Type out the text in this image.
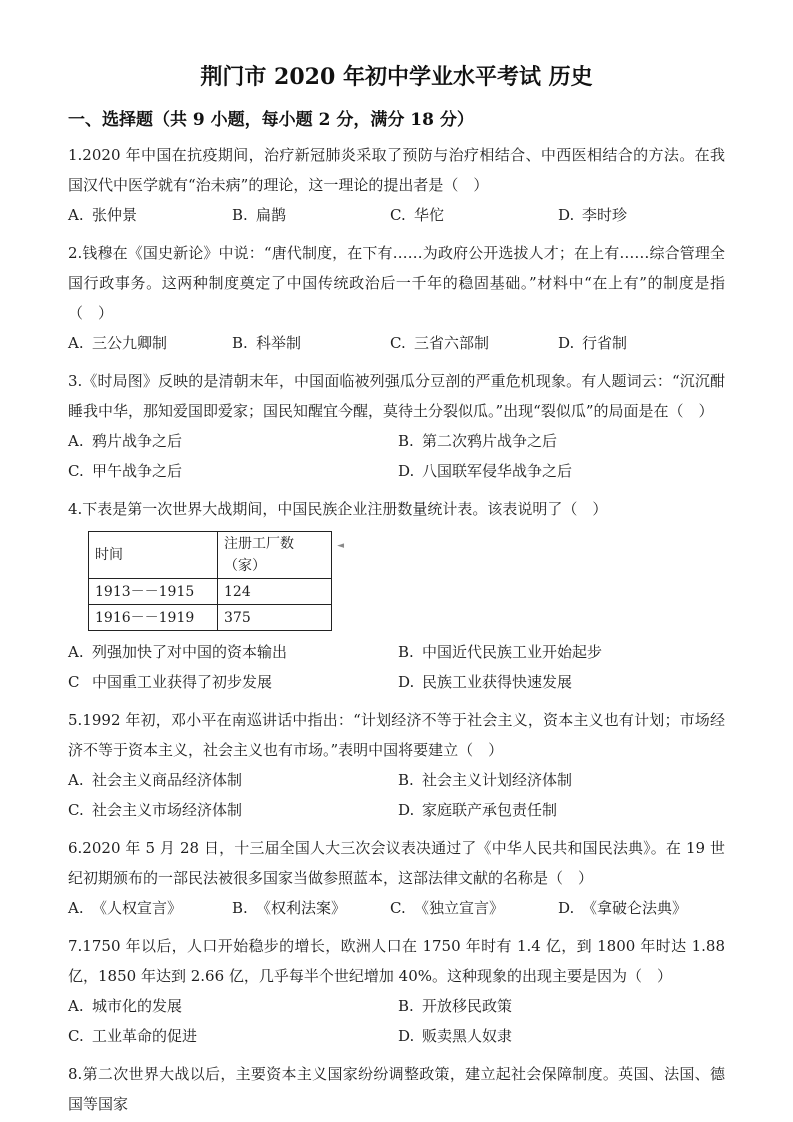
荆门市 2020 年初中学业水平考试 历史
一、选择题（共 9 小题，每小题 2 分，满分 18 分）

1.2020 年中国在抗疫期间，治疗新冠肺炎采取了预防与治疗相结合、中西医相结合的方法。在我国汉代中医学就有“治未病”的理论，这一理论的提出者是（　）

A. 张仲景	B. 扁鹊	C. 华佗	D. 李时珍

2.钱穆在《国史新论》中说：“唐代制度，在下有……为政府公开选拔人才；在上有……综合管理全国行政事务。这两种制度奠定了中国传统政治后一千年的稳固基础。”材料中“在上有”的制度是指（　）

A. 三公九卿制	B. 科举制	C. 三省六部制	D. 行省制

3.《时局图》反映的是清朝末年，中国面临被列强瓜分豆剖的严重危机现象。有人题词云：“沉沉酣睡我中华，那知爱国即爱家；国民知醒宜今醒，莫待土分裂似瓜。”出现“裂似瓜”的局面是在（　）

A. 鸦片战争之后	B. 第二次鸦片战争之后
C. 甲午战争之后	D. 八国联军侵华战争之后

4.下表是第一次世界大战期间，中国民族企业注册数量统计表。该表说明了（　）

时间	注册工厂数（家）
1913－－1915	124
1916－－1919	375
◄
A. 列强加快了对中国的资本输出	B. 中国近代民族工业开始起步
C 中国重工业获得了初步发展	D. 民族工业获得快速发展

5.1992 年初，邓小平在南巡讲话中指出：“计划经济不等于社会主义，资本主义也有计划；市场经济不等于资本主义，社会主义也有市场。”表明中国将要建立（　）

A. 社会主义商品经济体制	B. 社会主义计划经济体制
C. 社会主义市场经济体制	D. 家庭联产承包责任制

6.2020 年 5 月 28 日，十三届全国人大三次会议表决通过了《中华人民共和国民法典》。在 19 世纪初期颁布的一部民法被很多国家当做参照蓝本，这部法律文献的名称是（　）

A. 《人权宣言》	B. 《权利法案》	C. 《独立宣言》	D. 《拿破仑法典》

7.1750 年以后，人口开始稳步的增长，欧洲人口在 1750 年时有 1.4 亿，到 1800 年时达 1.88 亿，1850 年达到 2.66 亿，几乎每半个世纪增加 40%。这种现象的出现主要是因为（　）

A. 城市化的发展	B. 开放移民政策
C. 工业革命的促进	D. 贩卖黑人奴隶

8.第二次世界大战以后，主要资本主义国家纷纷调整政策，建立起社会保障制度。英国、法国、德国等国家
